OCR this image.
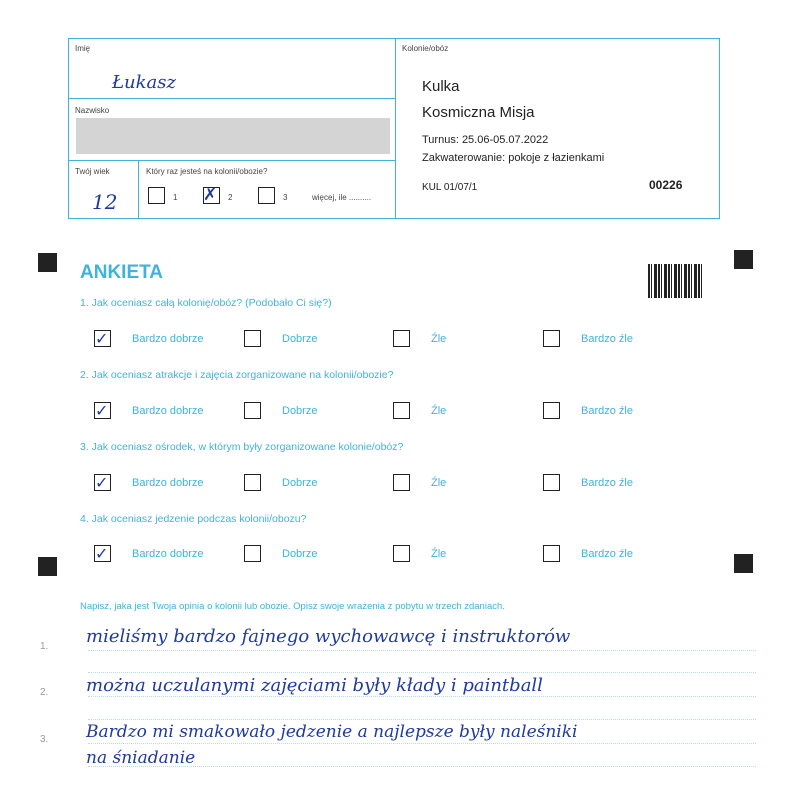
Imię
Łukasz
Nazwisko
Twój wiek
12
Który raz jesteś na kolonii/obozie?
1 ✗ 2	3	więcej, ile ..........
Kolonie/obóz
Kulka
Kosmiczna Misja
Turnus: 25.06-05.07.2022
Zakwaterowanie: pokoje z łazienkami
KUL 01/07/1	00226
ANKIETA
1. Jak oceniasz całą kolonię/obóz? (Podobało Ci się?)
✓ Bardzo dobrze	Dobrze	Źle	Bardzo źle
2. Jak oceniasz atrakcje i zajęcia zorganizowane na kolonii/obozie?
✓ Bardzo dobrze	Dobrze	Źle	Bardzo źle
3. Jak oceniasz ośrodek, w którym były zorganizowane kolonie/obóz?
✓ Bardzo dobrze	Dobrze	Źle	Bardzo źle
4. Jak oceniasz jedzenie podczas kolonii/obozu?
✓ Bardzo dobrze	Dobrze	Źle	Bardzo źle
Napisz, jaka jest Twoja opinia o kolonii lub obozie. Opisz swoje wrażenia z pobytu w trzech zdaniach.
1.
2.
3.
mieliśmy bardzo fajnego wychowawcę i instruktorów
można uczulanymi zajęciami były kłady i paintball
Bardzo mi smakowało jedzenie a najlepsze były naleśniki
na śniadanie
